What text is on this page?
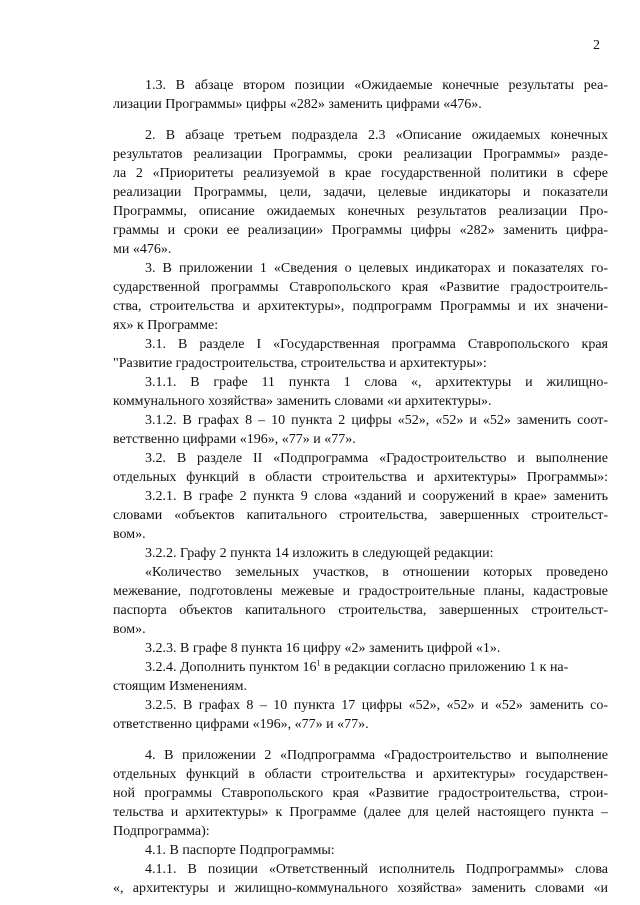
2
1.3. В абзаце втором позиции «Ожидаемые конечные результаты реа-
лизации Программы» цифры «282» заменить цифрами «476».
2. В абзаце третьем подраздела 2.3 «Описание ожидаемых конечных
результатов реализации Программы, сроки реализации Программы» разде-
ла 2 «Приоритеты реализуемой в крае государственной политики в сфере
реализации Программы, цели, задачи, целевые индикаторы и показатели
Программы, описание ожидаемых конечных результатов реализации Про-
граммы и сроки ее реализации» Программы цифры «282» заменить цифра-
ми «476».
3. В приложении 1 «Сведения о целевых индикаторах и показателях го-
сударственной программы Ставропольского края «Развитие градостроитель-
ства, строительства и архитектуры», подпрограмм Программы и их значени-
ях» к Программе:
3.1. В разделе I «Государственная программа Ставропольского края
"Развитие градостроительства, строительства и архитектуры»:
3.1.1. В графе 11 пункта 1 слова «, архитектуры и жилищно-
коммунального хозяйства» заменить словами «и архитектуры».
3.1.2. В графах 8 – 10 пункта 2 цифры «52», «52» и «52» заменить соот-
ветственно цифрами «196», «77» и «77».
3.2. В разделе II «Подпрограмма «Градостроительство и выполнение
отдельных функций в области строительства и архитектуры» Программы»:
3.2.1. В графе 2 пункта 9 слова «зданий и сооружений в крае» заменить
словами «объектов капитального строительства, завершенных строительст-
вом».
3.2.2. Графу 2 пункта 14 изложить в следующей редакции:
«Количество земельных участков, в отношении которых проведено
межевание, подготовлены межевые и градостроительные планы, кадастровые
паспорта объектов капитального строительства, завершенных строительст-
вом».
3.2.3. В графе 8 пункта 16 цифру «2» заменить цифрой «1».
3.2.4. Дополнить пунктом $16^1$ в редакции согласно приложению 1 к на-
стоящим Изменениям.
3.2.5. В графах 8 – 10 пункта 17 цифры «52», «52» и «52» заменить со-
ответственно цифрами «196», «77» и «77».
4. В приложении 2 «Подпрограмма «Градостроительство и выполнение
отдельных функций в области строительства и архитектуры» государствен-
ной программы Ставропольского края «Развитие градостроительства, строи-
тельства и архитектуры» к Программе (далее для целей настоящего пункта –
Подпрограмма):
4.1. В паспорте Подпрограммы:
4.1.1. В позиции «Ответственный исполнитель Подпрограммы» слова
«, архитектуры и жилищно-коммунального хозяйства» заменить словами «и
